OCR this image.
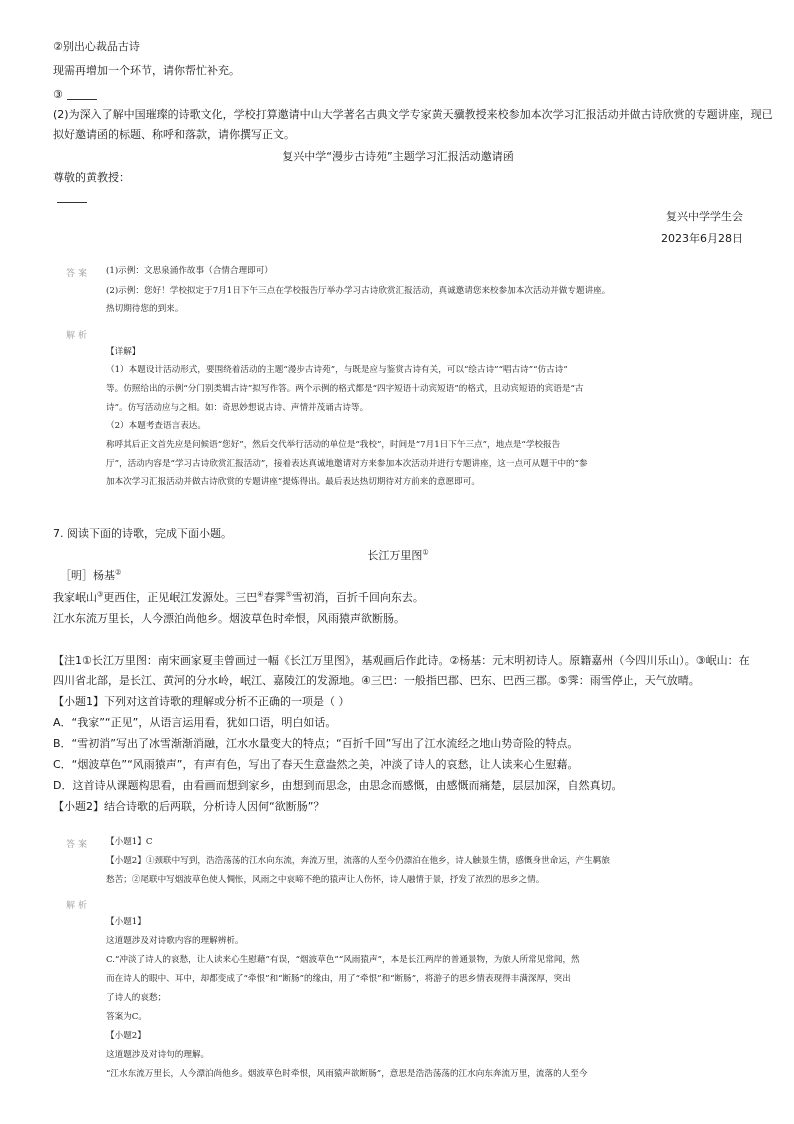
②别出心裁品古诗
现需再增加一个环节，请你帮忙补充。
③
(2)为深入了解中国璀璨的诗歌文化，学校打算邀请中山大学著名古典文学专家黄天骥教授来校参加本次学习汇报活动并做古诗欣赏的专题讲座，现已
拟好邀请函的标题、称呼和落款，请你撰写正文。
复兴中学“漫步古诗苑”主题学习汇报活动邀请函
尊敬的黄教授：
复兴中学学生会
2023年6月28日
答案 (1)示例：文思泉涌作故事（合情合理即可）
(2)示例：您好！学校拟定于7月1日下午三点在学校报告厅举办学习古诗欣赏汇报活动，真诚邀请您来校参加本次活动并做专题讲座。
热切期待您的到来。
解析
【详解】
（1）本题设计活动形式，要围绕着活动的主题“漫步古诗苑”，与既是应与鉴赏古诗有关，可以“绘古诗”“唱古诗”“仿古诗”
等。仿照给出的示例“分门别类辑古诗”拟写作答。两个示例的格式都是“四字短语十动宾短语”的格式，且动宾短语的宾语是“古
诗”。仿写活动应与之相。如：奇思妙想说古诗、声情并茂诵古诗等。
（2）本题考查语言表达。
称呼其后正文首先应是问候语“您好”，然后交代举行活动的单位是“我校”，时间是“7月1日下午三点”，地点是“学校报告
厅”，活动内容是“学习古诗欣赏汇报活动”，接着表达真诚地邀请对方来参加本次活动并进行专题讲座，这一点可从题干中的“参
加本次学习汇报活动并做古诗欣赏的专题讲座”提炼得出。最后表达热切期待对方前来的意愿即可。
7. 阅读下面的诗歌，完成下面小题。
长江万里图①
［明］杨基②
我家岷山③更西住，正见岷江发源处。三巴④春霁⑤雪初消，百折千回向东去。
江水东流万里长，人今漂泊尚他乡。烟波草色时牵恨，风雨猿声欲断肠。
【注1①长江万里图：南宋画家夏圭曾画过一幅《长江万里图》，基观画后作此诗。②杨基：元末明初诗人。原籍嘉州（今四川乐山）。③岷山：在
四川省北部，是长江、黄河的分水岭，岷江、嘉陵江的发源地。④三巴：一般指巴郡、巴东、巴西三郡。⑤霁：雨雪停止，天气放晴。
【小题1】下列对这首诗歌的理解或分析不正确的一项是（ ）
A．“我家”“正见”，从语言运用看，犹如口语，明白如话。
B．“雪初消”写出了冰雪渐渐消融，江水水量变大的特点；“百折千回”写出了江水流经之地山势奇险的特点。
C．“烟波草色”“风雨猿声”，有声有色，写出了春天生意盎然之美，冲淡了诗人的哀愁，让人读来心生慰藉。
D．这首诗从课题构思看，由看画而想到家乡，由想到而思念，由思念而感慨，由感慨而痛楚，层层加深，自然真切。
【小题2】结合诗歌的后两联，分析诗人因何“欲断肠”？
答案 【小题1】C
【小题2】①颈联中写到，浩浩荡荡的江水向东流，奔流万里，流落的人至今仍漂泊在他乡，诗人触景生情，感慨身世命运，产生羁旅
愁苦；②尾联中写烟波草色使人惆怅，风雨之中哀啼不绝的猿声让人伤怀，诗人融情于景，抒发了浓烈的思乡之情。
解析
【小题1】
这道题涉及对诗歌内容的理解辨析。
C.“冲淡了诗人的哀愁，让人读来心生慰藉”有误，“烟波草色”“风雨猿声”，本是长江两岸的普通景物，为旅人所常见常闻，然
而在诗人的眼中、耳中，却都变成了“牵恨”和“断肠”的缘由，用了“牵恨”和“断肠”，将游子的思乡情表现得丰满深厚，突出
了诗人的哀愁；
答案为C。
【小题2】
这道题涉及对诗句的理解。
“江水东流万里长，人今漂泊尚他乡。烟波草色时牵恨，风雨猿声欲断肠”，意思是浩浩荡荡的江水向东奔流万里，流落的人至今
